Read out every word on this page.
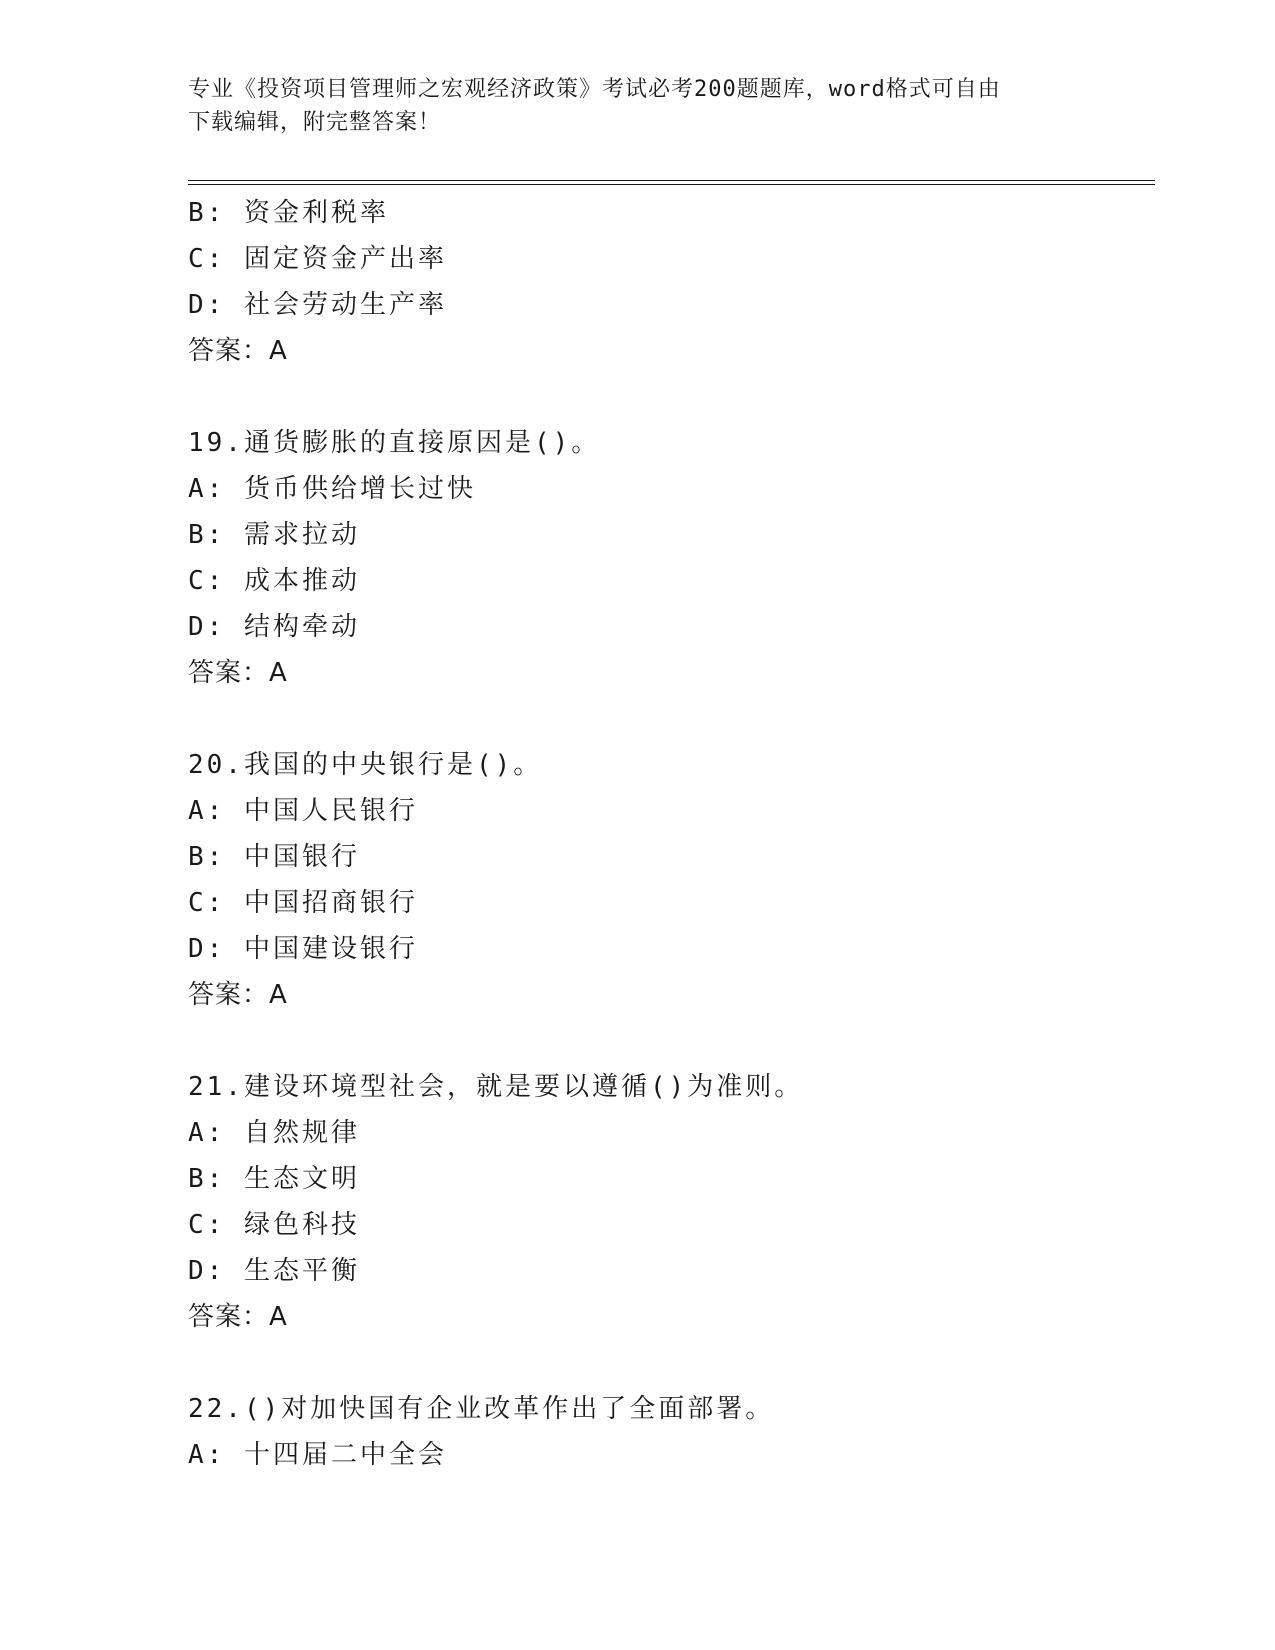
专业《投资项目管理师之宏观经济政策》考试必考200题题库，word格式可自由
下载编辑，附完整答案！
B: 资金利税率
C: 固定资金产出率
D: 社会劳动生产率
答案：A
19.通货膨胀的直接原因是()。
A: 货币供给增长过快
B: 需求拉动
C: 成本推动
D: 结构牵动
答案：A
20.我国的中央银行是()。
A: 中国人民银行
B: 中国银行
C: 中国招商银行
D: 中国建设银行
答案：A
21.建设环境型社会，就是要以遵循()为准则。
A: 自然规律
B: 生态文明
C: 绿色科技
D: 生态平衡
答案：A
22.()对加快国有企业改革作出了全面部署。
A: 十四届二中全会
